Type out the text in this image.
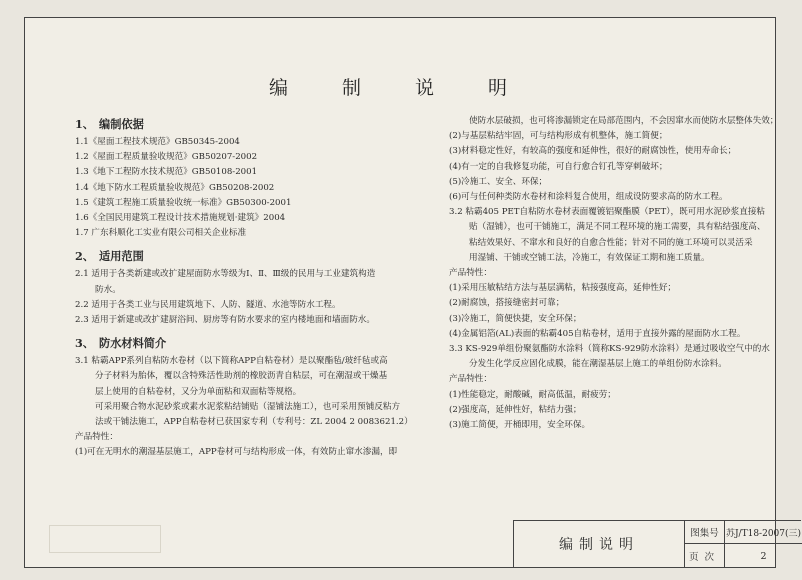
编 制 说 明
1、 编制依据
1.1《屋面工程技术规范》GB50345-2004
1.2《屋面工程质量验收规范》GB50207-2002
1.3《地下工程防水技术规范》GB50108-2001
1.4《地下防水工程质量验收规范》GB50208-2002
1.5《建筑工程施工质量验收统一标准》GB50300-2001
1.6《全国民用建筑工程设计技术措施规划·建筑》2004
1.7 广东科顺化工实业有限公司相关企业标准
2、 适用范围
2.1 适用于各类新建或改扩建屋面防水等级为Ⅰ、Ⅱ、Ⅲ级的民用与工业建筑构造
防水。
2.2 适用于各类工业与民用建筑地下、人防、隧道、水池等防水工程。
2.3 适用于新建或改扩建厨浴间、厨房等有防水要求的室内楼地面和墙面防水。
3、 防水材料简介
3.1 粘霸APP系列自粘防水卷材（以下简称APP自粘卷材）是以聚酯毡/玻纤毡或高
分子材料为胎体，覆以含特殊活性助剂的橡胶沥青自粘层，可在潮湿或干燥基
层上使用的自粘卷材，又分为单面粘和双面粘等规格。
可采用聚合物水泥砂浆或素水泥浆粘结铺贴（湿铺法施工），也可采用预铺反粘方
法或干铺法施工，APP自粘卷材已获国家专利（专利号：ZL 2004 2 0083621.2）
产品特性：
(1)可在无明水的潮湿基层施工，APP卷材可与结构形成一体，有效防止窜水渗漏，即
使防水层破损，也可将渗漏锁定在局部范围内，不会因窜水而使防水层整体失效；
(2)与基层粘结牢固，可与结构形成有机整体，施工简便；
(3)材料稳定性好，有较高的强度和延伸性，很好的耐腐蚀性，使用寿命长；
(4)有一定的自我修复功能，可自行愈合钉孔等穿刺破坏；
(5)冷施工、安全、环保；
(6)可与任何种类防水卷材和涂料复合使用，组成设防要求高的防水工程。
3.2 粘霸405 PET自粘防水卷材表面覆镀铝聚酯膜（PET），既可用水泥砂浆直接粘
贴（湿铺），也可干铺施工，满足不同工程环境的施工需要，具有粘结强度高、
粘结效果好、不窜水和良好的自愈合性能；针对不同的施工环境可以灵活采
用湿铺、干铺或空铺工法，冷施工，有效保证工期和施工质量。
产品特性：
(1)采用压敏粘结方法与基层满粘，粘接强度高，延伸性好；
(2)耐腐蚀，搭接缝密封可靠；
(3)冷施工，简便快捷，安全环保；
(4)金属铝箔(AL)表面的粘霸405自粘卷材，适用于直接外露的屋面防水工程。
3.3 KS-929单组份聚氨酯防水涂料（简称KS-929防水涂料）是通过吸收空气中的水
分发生化学反应固化成膜，能在潮湿基层上施工的单组份防水涂料。
产品特性：
(1)性能稳定，耐酸碱，耐高低温，耐疲劳；
(2)强度高，延伸性好，粘结力强；
(3)施工简便，开桶即用，安全环保。
编制说明
图集号 苏J/T18-2007(三)
页次	2
